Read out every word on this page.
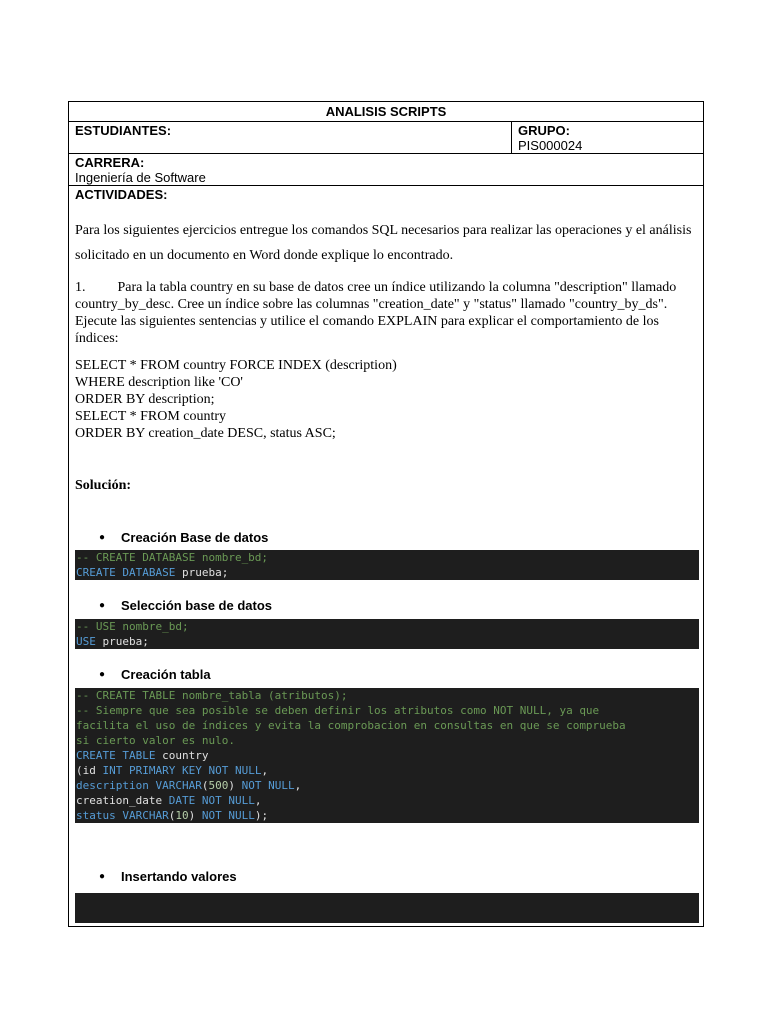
ANALISIS SCRIPTS
ESTUDIANTES:	GRUPO:
PIS000024
CARRERA:
Ingeniería de Software
ACTIVIDADES:
Para los siguientes ejercicios entregue los comandos SQL necesarios para realizar las operaciones y el análisis solicitado en un documento en Word donde explique lo encontrado.
1. Para la tabla country en su base de datos cree un índice utilizando la columna "description" llamado country_by_desc. Cree un índice sobre las columnas "creation_date" y "status" llamado "country_by_ds". Ejecute las siguientes sentencias y utilice el comando EXPLAIN para explicar el comportamiento de los índices:
SELECT * FROM country FORCE INDEX (description)
WHERE description like 'CO'
ORDER BY description;
SELECT * FROM country
ORDER BY creation_date DESC, status ASC;
Solución:
●	Creación Base de datos
-- CREATE DATABASE nombre_bd;
CREATE DATABASE prueba;
●	Selección base de datos
-- USE nombre_bd;
USE prueba;
●	Creación tabla
-- CREATE TABLE nombre_tabla (atributos);
-- Siempre que sea posible se deben definir los atributos como NOT NULL, ya que
facilita el uso de índices y evita la comprobacion en consultas en que se comprueba
si cierto valor es nulo.
CREATE TABLE country
(id INT PRIMARY KEY NOT NULL,
description VARCHAR(500) NOT NULL,
creation_date DATE NOT NULL,
status VARCHAR(10) NOT NULL);
●	Insertando valores
